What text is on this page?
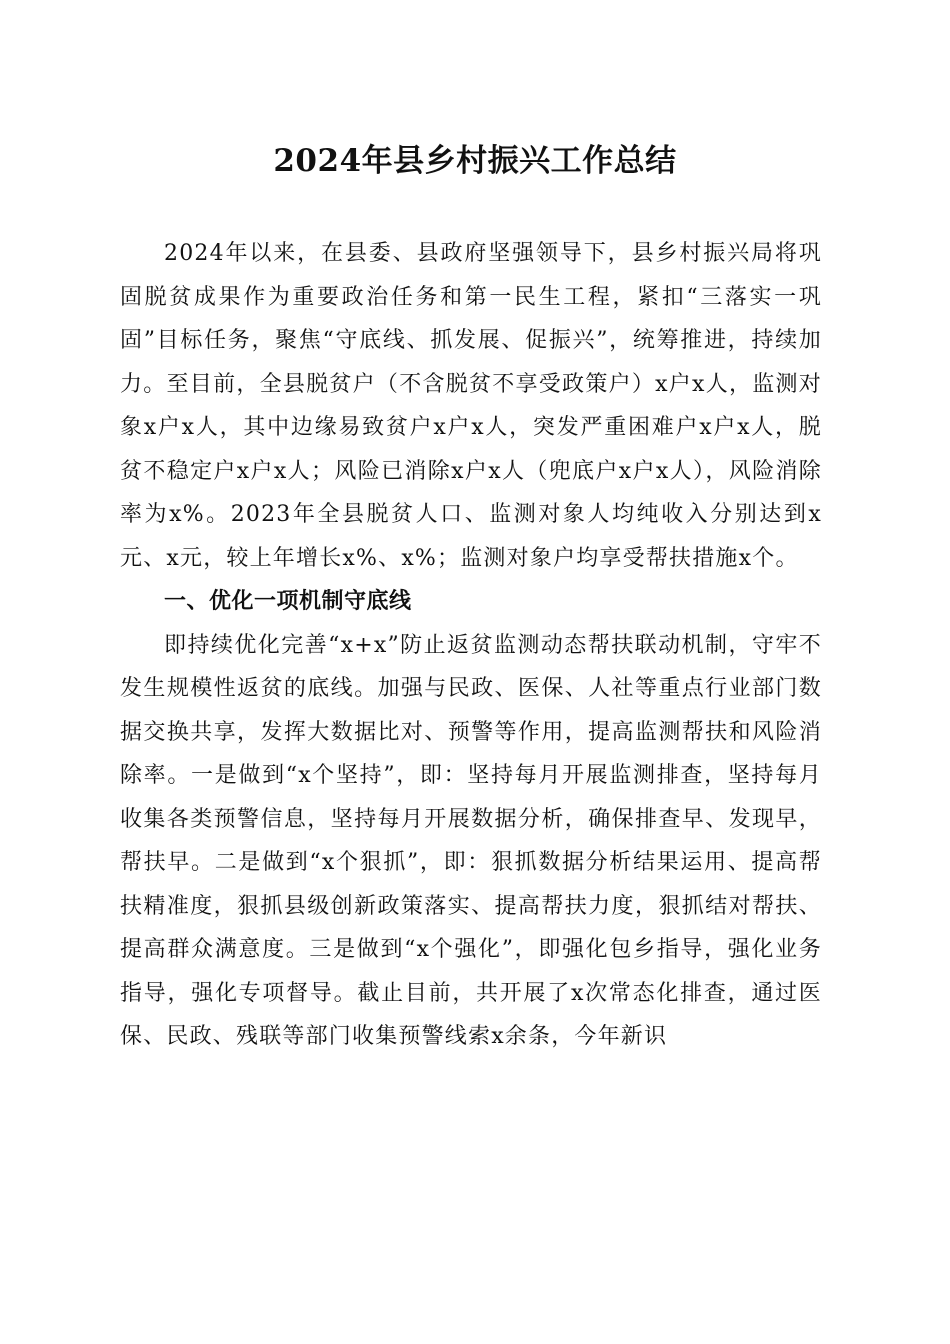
2024年县乡村振兴工作总结

2024年以来，在县委、县政府坚强领导下，县乡村振兴局将巩固脱贫成果作为重要政治任务和第一民生工程，紧扣“三落实一巩固”目标任务，聚焦“守底线、抓发展、促振兴”，统筹推进，持续加力。至目前，全县脱贫户（不含脱贫不享受政策户）x户x人，监测对象x户x人，其中边缘易致贫户x户x人，突发严重困难户x户x人，脱贫不稳定户x户x人；风险已消除x户x人（兜底户x户x人），风险消除率为x%。2023年全县脱贫人口、监测对象人均纯收入分别达到x元、x元，较上年增长x%、x%；监测对象户均享受帮扶措施x个。

一、优化一项机制守底线

即持续优化完善“x+x”防止返贫监测动态帮扶联动机制，守牢不发生规模性返贫的底线。加强与民政、医保、人社等重点行业部门数据交换共享，发挥大数据比对、预警等作用，提高监测帮扶和风险消除率。一是做到“x个坚持”，即：坚持每月开展监测排查，坚持每月收集各类预警信息，坚持每月开展数据分析，确保排查早、发现早，帮扶早。二是做到“x个狠抓”，即：狠抓数据分析结果运用、提高帮扶精准度，狠抓县级创新政策落实、提高帮扶力度，狠抓结对帮扶、提高群众满意度。三是做到“x个强化”，即强化包乡指导，强化业务指导，强化专项督导。截止目前，共开展了x次常态化排查，通过医保、民政、残联等部门收集预警线索x余条，今年新识
